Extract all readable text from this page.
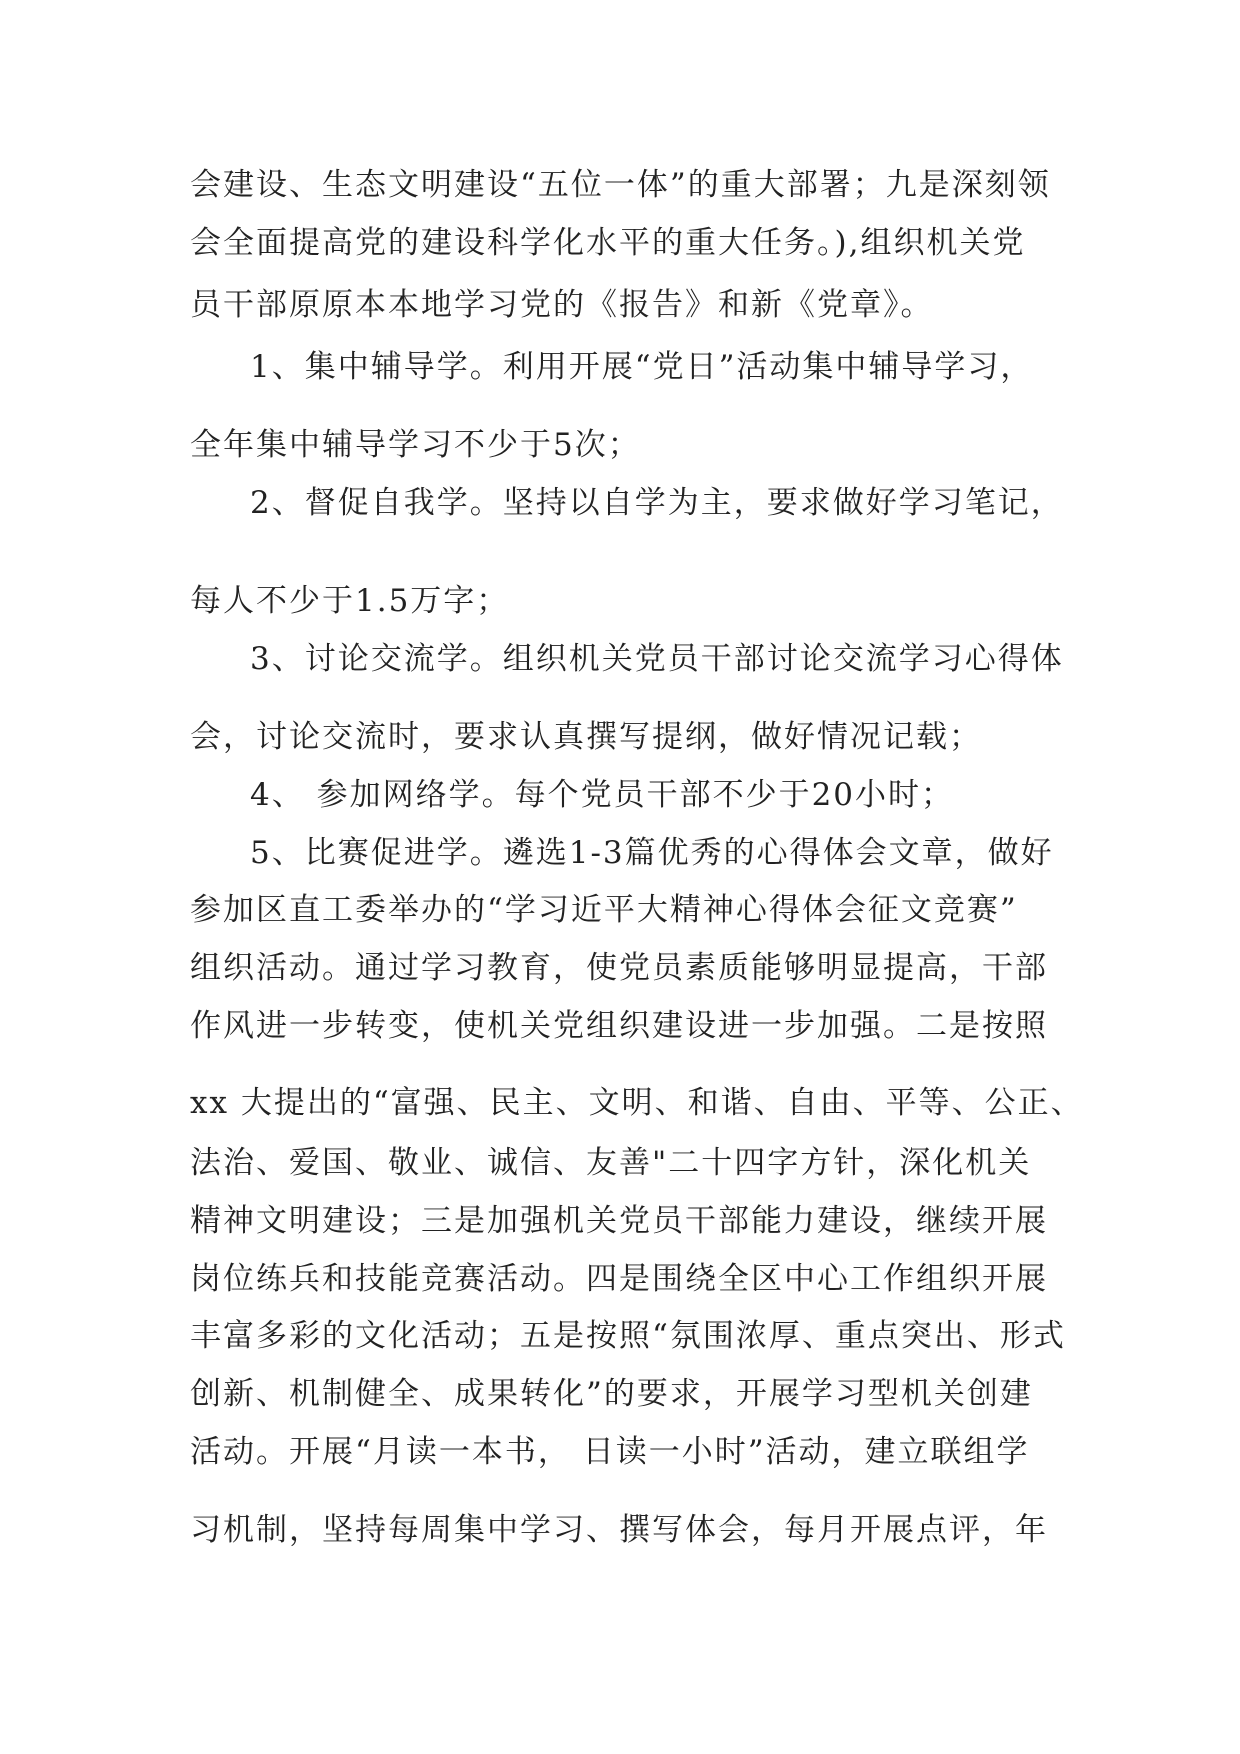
会建设、生态文明建设“五位一体”的重大部署；九是深刻领

会全面提高党的建设科学化水平的重大任务。),组织机关党

员干部原原本本地学习党的《报告》和新《党章》。

1、集中辅导学。利用开展“党日”活动集中辅导学习，

全年集中辅导学习不少于5次；

2、督促自我学。坚持以自学为主，要求做好学习笔记，

每人不少于1.5万字；

3、讨论交流学。组织机关党员干部讨论交流学习心得体

会，讨论交流时，要求认真撰写提纲，做好情况记载；

4、 参加网络学。每个党员干部不少于20小时；

5、比赛促进学。遴选1-3篇优秀的心得体会文章，做好

参加区直工委举办的“学习近平大精神心得体会征文竞赛”

组织活动。通过学习教育，使党员素质能够明显提高，干部

作风进一步转变，使机关党组织建设进一步加强。二是按照

xx 大提出的“富强、民主、文明、和谐、自由、平等、公正、

法治、爱国、敬业、诚信、友善"二十四字方针，深化机关

精神文明建设；三是加强机关党员干部能力建设，继续开展

岗位练兵和技能竞赛活动。四是围绕全区中心工作组织开展

丰富多彩的文化活动；五是按照“氛围浓厚、重点突出、形式

创新、机制健全、成果转化”的要求，开展学习型机关创建

活动。开展“月读一本书， 日读一小时”活动，建立联组学

习机制，坚持每周集中学习、撰写体会，每月开展点评，年
